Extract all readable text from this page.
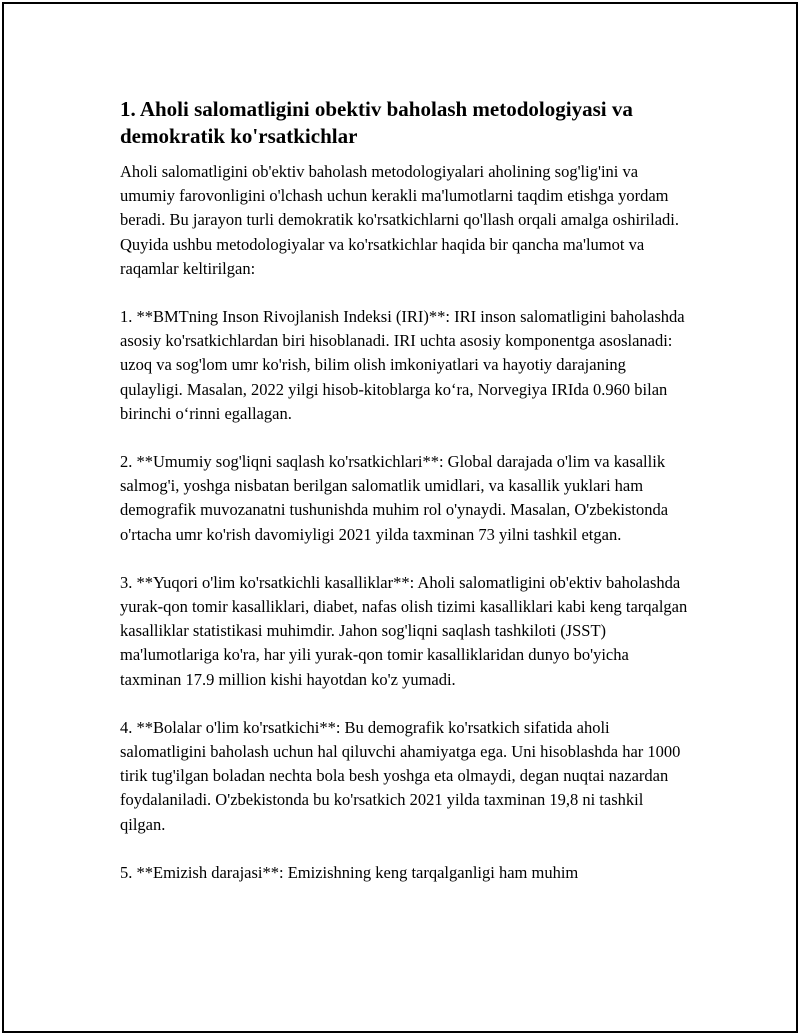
1. Aholi salomatligini obektiv baholash metodologiyasi va demokratik ko'rsatkichlar

Aholi salomatligini ob'ektiv baholash metodologiyalari aholining sog'lig'ini va umumiy farovonligini o'lchash uchun kerakli ma'lumotlarni taqdim etishga yordam beradi. Bu jarayon turli demokratik ko'rsatkichlarni qo'llash orqali amalga oshiriladi. Quyida ushbu metodologiyalar va ko'rsatkichlar haqida bir qancha ma'lumot va raqamlar keltirilgan:

1. **BMTning Inson Rivojlanish Indeksi (IRI)**: IRI inson salomatligini baholashda asosiy ko'rsatkichlardan biri hisoblanadi. IRI uchta asosiy komponentga asoslanadi: uzoq va sog'lom umr ko'rish, bilim olish imkoniyatlari va hayotiy darajaning qulayligi. Masalan, 2022 yilgi hisob-kitoblarga ko‘ra, Norvegiya IRIda 0.960 bilan birinchi o‘rinni egallagan.

2. **Umumiy sog'liqni saqlash ko'rsatkichlari**: Global darajada o'lim va kasallik salmog'i, yoshga nisbatan berilgan salomatlik umidlari, va kasallik yuklari ham demografik muvozanatni tushunishda muhim rol o'ynaydi. Masalan, O'zbekistonda o'rtacha umr ko'rish davomiyligi 2021 yilda taxminan 73 yilni tashkil etgan.

3. **Yuqori o'lim ko'rsatkichli kasalliklar**: Aholi salomatligini ob'ektiv baholashda yurak-qon tomir kasalliklari, diabet, nafas olish tizimi kasalliklari kabi keng tarqalgan kasalliklar statistikasi muhimdir. Jahon sog'liqni saqlash tashkiloti (JSST) ma'lumotlariga ko'ra, har yili yurak-qon tomir kasalliklaridan dunyo bo'yicha taxminan 17.9 million kishi hayotdan ko'z yumadi.

4. **Bolalar o'lim ko'rsatkichi**: Bu demografik ko'rsatkich sifatida aholi salomatligini baholash uchun hal qiluvchi ahamiyatga ega. Uni hisoblashda har 1000 tirik tug'ilgan boladan nechta bola besh yoshga eta olmaydi, degan nuqtai nazardan foydalaniladi. O'zbekistonda bu ko'rsatkich 2021 yilda taxminan 19,8 ni tashkil qilgan.

5. **Emizish darajasi**: Emizishning keng tarqalganligi ham muhim
